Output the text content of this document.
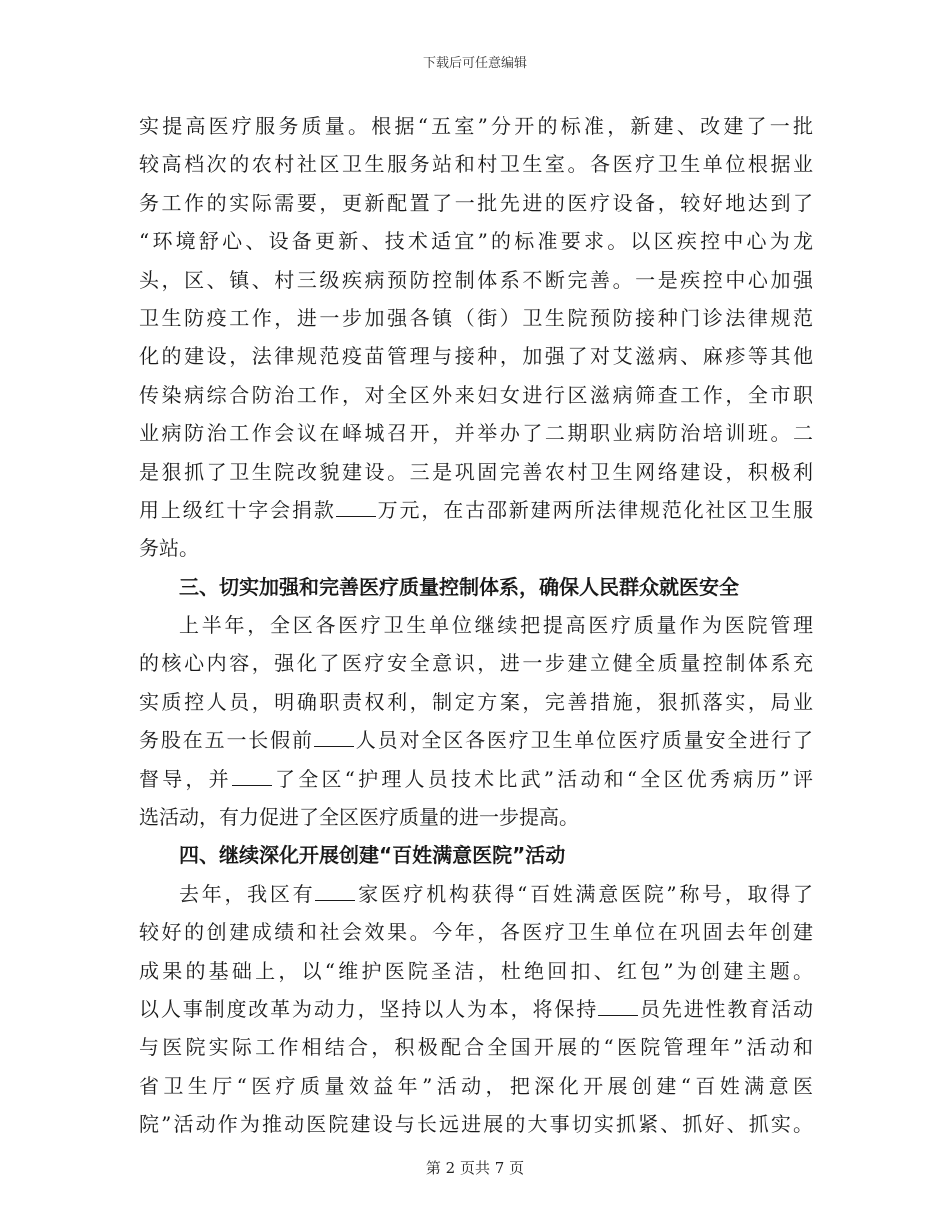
下载后可任意编辑
实提高医疗服务质量。根据“五室”分开的标准，新建、改建了一批
较高档次的农村社区卫生服务站和村卫生室。各医疗卫生单位根据业
务工作的实际需要，更新配置了一批先进的医疗设备，较好地达到了
“环境舒心、设备更新、技术适宜”的标准要求。以区疾控中心为龙
头，区、镇、村三级疾病预防控制体系不断完善。一是疾控中心加强
卫生防疫工作，进一步加强各镇（街）卫生院预防接种门诊法律规范
化的建设，法律规范疫苗管理与接种，加强了对艾滋病、麻疹等其他
传染病综合防治工作，对全区外来妇女进行区滋病筛查工作，全市职
业病防治工作会议在峄城召开，并举办了二期职业病防治培训班。二
是狠抓了卫生院改貌建设。三是巩固完善农村卫生网络建设，积极利
用上级红十字会捐款 万元，在古邵新建两所法律规范化社区卫生服
务站。
三、切实加强和完善医疗质量控制体系，确保人民群众就医安全
上半年，全区各医疗卫生单位继续把提高医疗质量作为医院管理
的核心内容，强化了医疗安全意识，进一步建立健全质量控制体系充
实质控人员，明确职责权利，制定方案，完善措施，狠抓落实，局业
务股在五一长假前 人员对全区各医疗卫生单位医疗质量安全进行了
督导，并 了全区“护理人员技术比武”活动和“全区优秀病历”评
选活动，有力促进了全区医疗质量的进一步提高。
四、继续深化开展创建“百姓满意医院”活动
去年，我区有 家医疗机构获得“百姓满意医院”称号，取得了
较好的创建成绩和社会效果。今年，各医疗卫生单位在巩固去年创建
成果的基础上，以“维护医院圣洁，杜绝回扣、红包”为创建主题。
以人事制度改革为动力，坚持以人为本，将保持 员先进性教育活动
与医院实际工作相结合，积极配合全国开展的“医院管理年”活动和
省卫生厅“医疗质量效益年”活动，把深化开展创建“百姓满意医
院”活动作为推动医院建设与长远进展的大事切实抓紧、抓好、抓实。
第 2 页共 7 页
